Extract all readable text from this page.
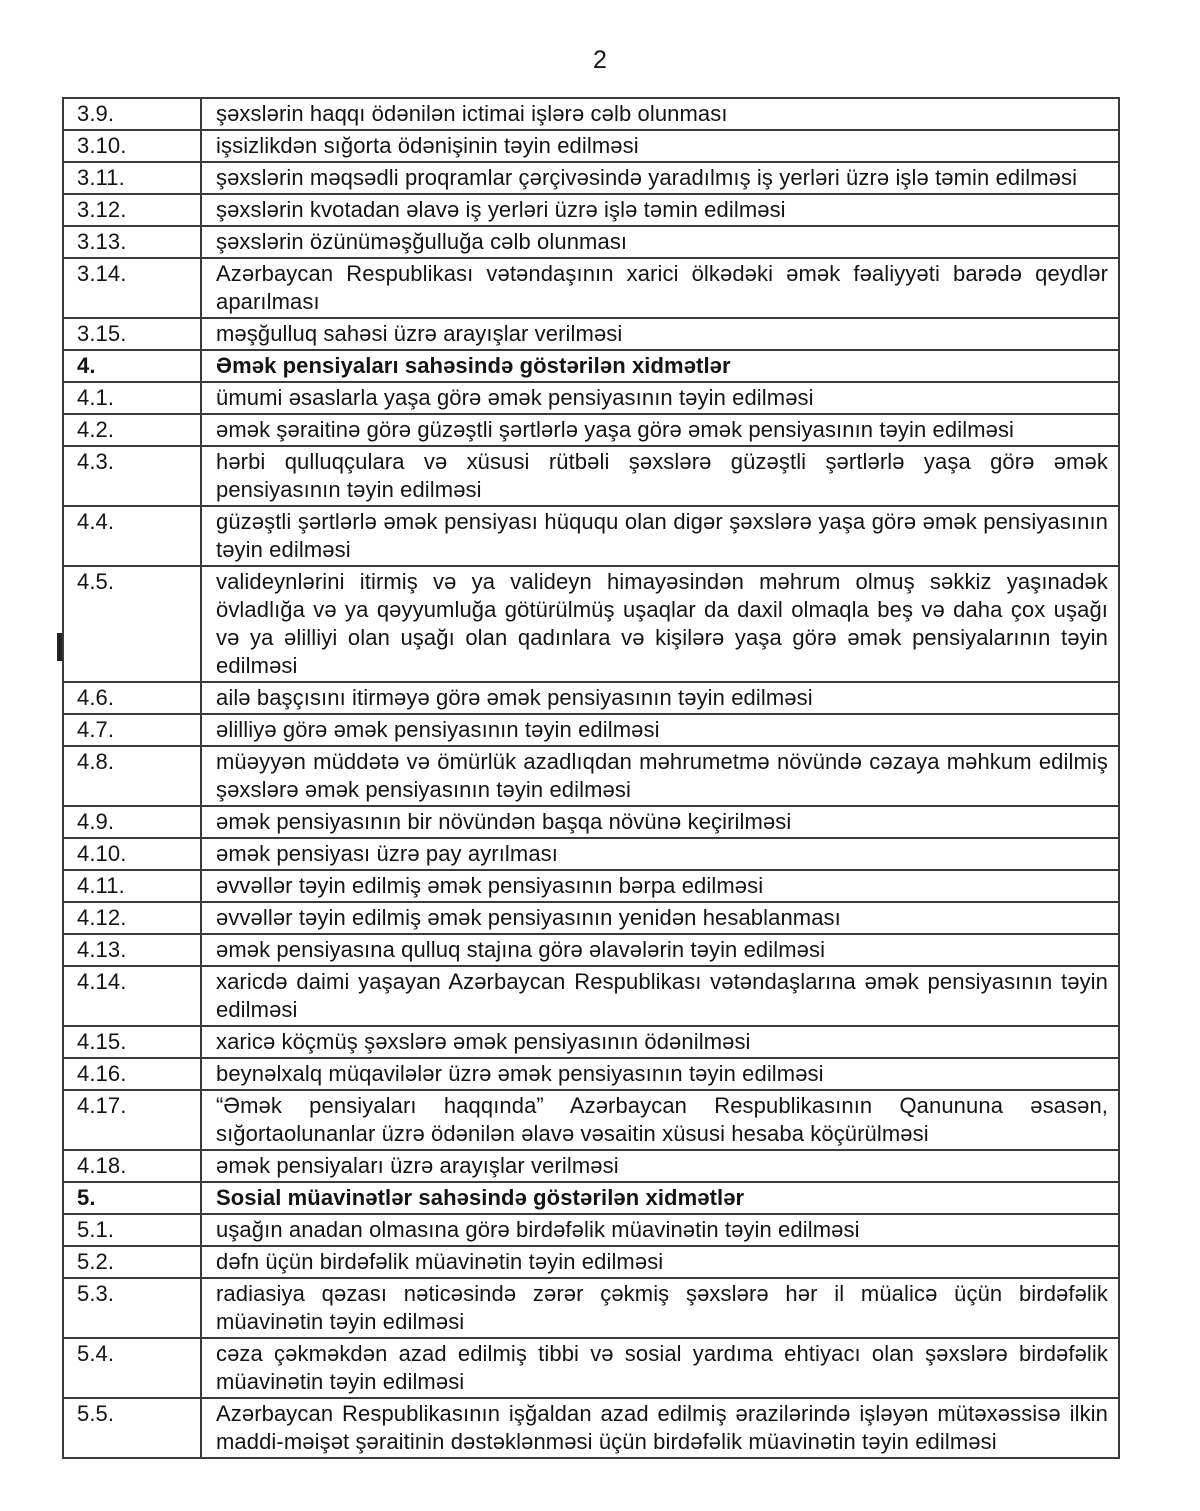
2
3.9.	şəxslərin haqqı ödənilən ictimai işlərə cəlb olunması
3.10.	işsizlikdən sığorta ödənişinin təyin edilməsi
3.11.	şəxslərin məqsədli proqramlar çərçivəsində yaradılmış iş yerləri üzrə işlə təmin edilməsi
3.12.	şəxslərin kvotadan əlavə iş yerləri üzrə işlə təmin edilməsi
3.13.	şəxslərin özünüməşğulluğa cəlb olunması
3.14.	Azərbaycan Respublikası vətəndaşının xarici ölkədəki əmək fəaliyyəti barədə qeydlər aparılması
3.15.	məşğulluq sahəsi üzrə arayışlar verilməsi
4.	Əmək pensiyaları sahəsində göstərilən xidmətlər
4.1.	ümumi əsaslarla yaşa görə əmək pensiyasının təyin edilməsi
4.2.	əmək şəraitinə görə güzəştli şərtlərlə yaşa görə əmək pensiyasının təyin edilməsi
4.3.	hərbi qulluqçulara və xüsusi rütbəli şəxslərə güzəştli şərtlərlə yaşa görə əmək pensiyasının təyin edilməsi
4.4.	güzəştli şərtlərlə əmək pensiyası hüququ olan digər şəxslərə yaşa görə əmək pensiyasının təyin edilməsi
4.5.	valideynlərini itirmiş və ya valideyn himayəsindən məhrum olmuş səkkiz yaşınadək övladlığa və ya qəyyumluğa götürülmüş uşaqlar da daxil olmaqla beş və daha çox uşağı və ya əlilliyi olan uşağı olan qadınlara və kişilərə yaşa görə əmək pensiyalarının təyin edilməsi
4.6.	ailə başçısını itirməyə görə əmək pensiyasının təyin edilməsi
4.7.	əlilliyə görə əmək pensiyasının təyin edilməsi
4.8.	müəyyən müddətə və ömürlük azadlıqdan məhrumetmə növündə cəzaya məhkum edilmiş şəxslərə əmək pensiyasının təyin edilməsi
4.9.	əmək pensiyasının bir növündən başqa növünə keçirilməsi
4.10.	əmək pensiyası üzrə pay ayrılması
4.11.	əvvəllər təyin edilmiş əmək pensiyasının bərpa edilməsi
4.12.	əvvəllər təyin edilmiş əmək pensiyasının yenidən hesablanması
4.13.	əmək pensiyasına qulluq stajına görə əlavələrin təyin edilməsi
4.14.	xaricdə daimi yaşayan Azərbaycan Respublikası vətəndaşlarına əmək pensiyasının təyin edilməsi
4.15.	xaricə köçmüş şəxslərə əmək pensiyasının ödənilməsi
4.16.	beynəlxalq müqavilələr üzrə əmək pensiyasının təyin edilməsi
4.17.	“Əmək pensiyaları haqqında” Azərbaycan Respublikasının Qanununa əsasən, sığortaolunanlar üzrə ödənilən əlavə vəsaitin xüsusi hesaba köçürülməsi
4.18.	əmək pensiyaları üzrə arayışlar verilməsi
5.	Sosial müavinətlər sahəsində göstərilən xidmətlər
5.1.	uşağın anadan olmasına görə birdəfəlik müavinətin təyin edilməsi
5.2.	dəfn üçün birdəfəlik müavinətin təyin edilməsi
5.3.	radiasiya qəzası nəticəsində zərər çəkmiş şəxslərə hər il müalicə üçün birdəfəlik müavinətin təyin edilməsi
5.4.	cəza çəkməkdən azad edilmiş tibbi və sosial yardıma ehtiyacı olan şəxslərə birdəfəlik müavinətin təyin edilməsi
5.5.	Azərbaycan Respublikasının işğaldan azad edilmiş ərazilərində işləyən mütəxəssisə ilkin maddi-məişət şəraitinin dəstəklənməsi üçün birdəfəlik müavinətin təyin edilməsi
